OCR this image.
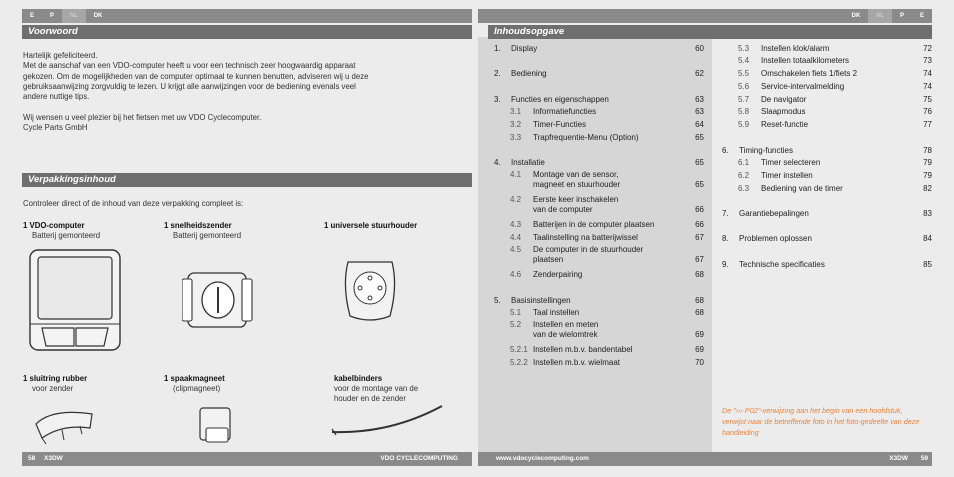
E	P	NL	DK	DK	NL	P	E
Voorwoord
Hartelijk gefeliciteerd.
Met de aanschaf van een VDO-computer heeft u voor een technisch zeer hoogwaardig apparaat
gekozen. Om de mogelijkheden van de computer optimaal te kunnen benutten, adviseren wij u deze
gebruiksaanwijzing zorgvuldig te lezen. U krijgt alle aanwijzingen voor de bediening evenals veel
andere nuttige tips.
Wij wensen u veel plezier bij het fietsen met uw VDO Cyclecomputer.
Cycle Parts GmbH
Verpakkingsinhoud
Controleer direct of de inhoud van deze verpakking compleet is:
1 VDO-computer
Batterij gemonteerd
1 snelheidszender
Batterij gemonteerd
1 universele stuurhouder
1 sluitring rubber
voor zender
1 spaakmagneet
(clipmagneet)
kabelbinders
voor de montage van de
houder en de zender
Inhoudsopgave
1.	Display	60
2.	Bediening	62
3.	Functies en eigenschappen	63
3.1	Informatiefuncties	63
3.2	Timer-Functies	64
3.3	Trapfrequentie-Menu (Option)	65
4.	Installatie	65
4.1	Montage van de sensor,
magneet en stuurhouder	65
4.2	Eerste keer inschakelen
van de computer	66
4.3	Batterijen in de computer plaatsen	66
4.4	Taalinstelling na batterijwissel	67
4.5	De computer in de stuurhouder
plaatsen	67
4.6	Zenderpairing	68
5.	Basisinstellingen	68
5.1	Taal instellen	68
5.2	Instellen en meten
van de wielomtrek	69
5.2.1 Instellen m.b.v. bandentabel	69
5.2.2 Instellen m.b.v. wielmaat	70
5.3	Instellen klok/alarm	72
5.4	Instellen totaalkilometers	73
5.5	Omschakelen fiets 1/fiets 2	74
5.6	Service-intervalmelding	74
5.7	De navigator	75
5.8	Slaapmodus	76
5.9	Reset-functie	77
6.	Timing-functies	78
6.1	Timer selecteren	79
6.2	Timer instellen	79
6.3	Bediening van de timer	82
7.	Garantiebepalingen	83
8.	Problemen oplossen	84
9.	Technische specificaties	85
De "››› P02"-verwijzing aan het begin van een hoofdstuk, verwijst naar de betreffende foto in het foto-gedeelte van deze handleiding
58 X3DW	VDO CYCLECOMPUTING	www.vdocyclecomputing.com	X3DW 59
